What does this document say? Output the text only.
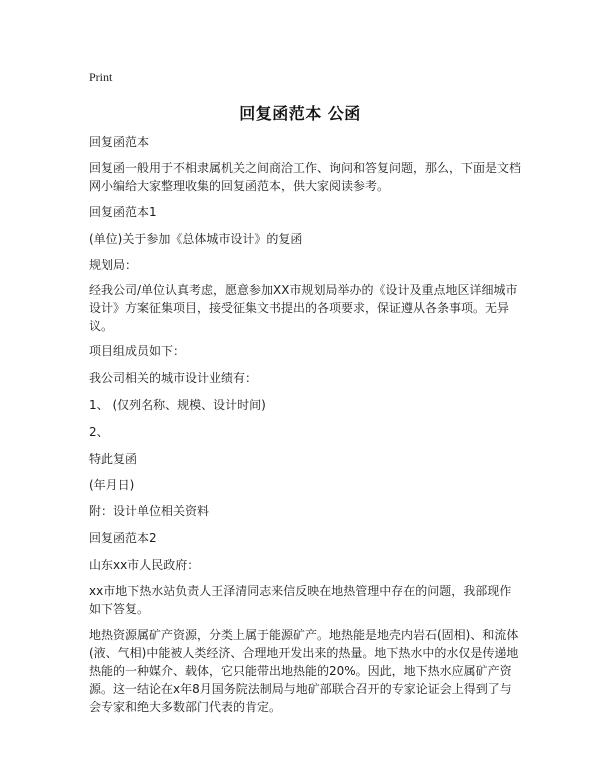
Print
回复函范本 公函

回复函范本

回复函一般用于不相隶属机关之间商洽工作、询问和答复问题，那么，下面是文档网小编给大家整理收集的回复函范本，供大家阅读参考。

回复函范本1

(单位)关于参加《总体城市设计》的复函

规划局：

经我公司/单位认真考虑，愿意参加XX市规划局举办的《设计及重点地区详细城市设计》方案征集项目，接受征集文书提出的各项要求，保证遵从各条事项。无异议。

项目组成员如下：

我公司相关的城市设计业绩有：

1、 (仅列名称、规模、设计时间)

2、

特此复函

(年月日)

附：设计单位相关资料

回复函范本2

山东xx市人民政府：

xx市地下热水站负责人王泽清同志来信反映在地热管理中存在的问题，我部现作如下答复。

地热资源属矿产资源，分类上属于能源矿产。地热能是地壳内岩石(固相)、和流体(液、气相)中能被人类经济、合理地开发出来的热量。地下热水中的水仅是传递地热能的一种媒介、载体，它只能带出地热能的20%。因此，地下热水应属矿产资源。这一结论在x年8月国务院法制局与地矿部联合召开的专家论证会上得到了与会专家和绝大多数部门代表的肯定。
